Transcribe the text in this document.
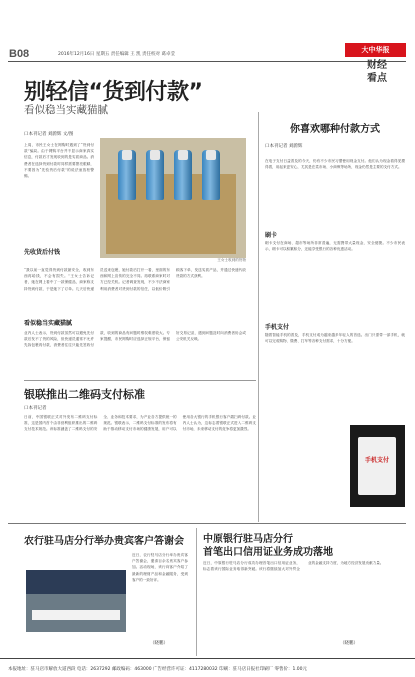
B08	2016年12月16日 星期五 责任编辑 王 凯 责任校对 葛卓莹
大中华报
财经
看点
别轻信“货到付款”
看似稳当实藏猫腻
口本刊记者 刘蔚辉 文/图
上周，市民王女士在网购时遇到了“货到付款”骗局。由于网购平台并不显示商家真实信息，付款后才发现收到的是劣质商品。消费者在选择货到付款时同样需要擦亮眼睛，不要因为“先验货后付款”的说法而放松警惕。
王女士收到的货物
先收货后付钱
“我以前一直觉得货到付款最安全，收到东西再给钱，不会有损失。”王女士告诉记者，她在网上看中了一款保健品，商家称支持货到付款，于是她下了订单。几天后快递员送来包裹，她付款后打开一看，里面的东西和网上宣传的完全不同。再联系商家时对方已经关机。记者调查发现，不少不法商家利用消费者对货到付款的信任，以低价吸引顾客下单，发送劣质产品，并通过快递代收货款的方式获利。
看似稳当实藏猫腻
业内人士表示，货到付款虽然可以避免先付款后发不了货的风险，但快递员通常不允许先拆包裹再付款，消费者往往只能先签收付款，收到的商品有问题时维权难度较大。专家提醒，市民网购时应选择正规平台，保留好交易记录，遇到问题及时向消费者协会或公安机关反映。
银联推出二维码支付标准
口本刊记者
日前，中国银联正式对外发布二维码支付标准，这是国内首个由非营利组织推出的二维码支付技术规范。该标准涵盖了二维码支付的安全、业务和技术要求，为产业各方提供统一的规范。银联表示，二维码支付标准的发布将有助于推动移动支付市场的健康发展，用户可以使用各大银行的手机银行客户端扫码付款。业内人士认为，这标志着银联正式进入二维码支付市场，未来移动支付的竞争将更加激烈。
你喜欢哪种付款方式
口本刊记者 刘蔚辉
在电子支付日益普及的今天，仍有不少市民习惯使用现金支付。他们认为现金看得见摸得着，用起来更安心，尤其是在菜市场、小商贩等场所，现金仍然是主要的支付方式。
刷卡
刷卡支付在商场、超市等场所非常普遍，无需携带大量现金，安全便捷。不少市民表示，刷卡可以积累积分，还能享受银行的各种优惠活动。
手机支付
随着智能手机的普及，手机支付成为越来越多年轻人的首选。出门只需带一部手机，就可以完成购物、缴费、打车等各种支付需求，十分方便。
手机支付
农行驻马店分行举办贵宾客户答谢会
近日，农行驻马店分行举办贵宾客户答谢会，邀请百余名贵宾客户参加。活动现场，该行向客户介绍了最新的理财产品和金融服务，受到客户的一致好评。
（晓鹏）
中原银行驻马店分行
首笔出口信用证业务成功落地
近日，中原银行驻马店分行成功办理首笔出口信用证业务，标志着该行国际业务取得新突破。该行将继续加大对外贸企业的金融支持力度，为地方经济发展贡献力量。
（晓鹏）
本报地址：驻马店市解放大道西段 电话：2637292 邮政编码：463000 广告经营许可证：4117280032 印刷：驻马店日报社印刷厂 零售价：1.00元
